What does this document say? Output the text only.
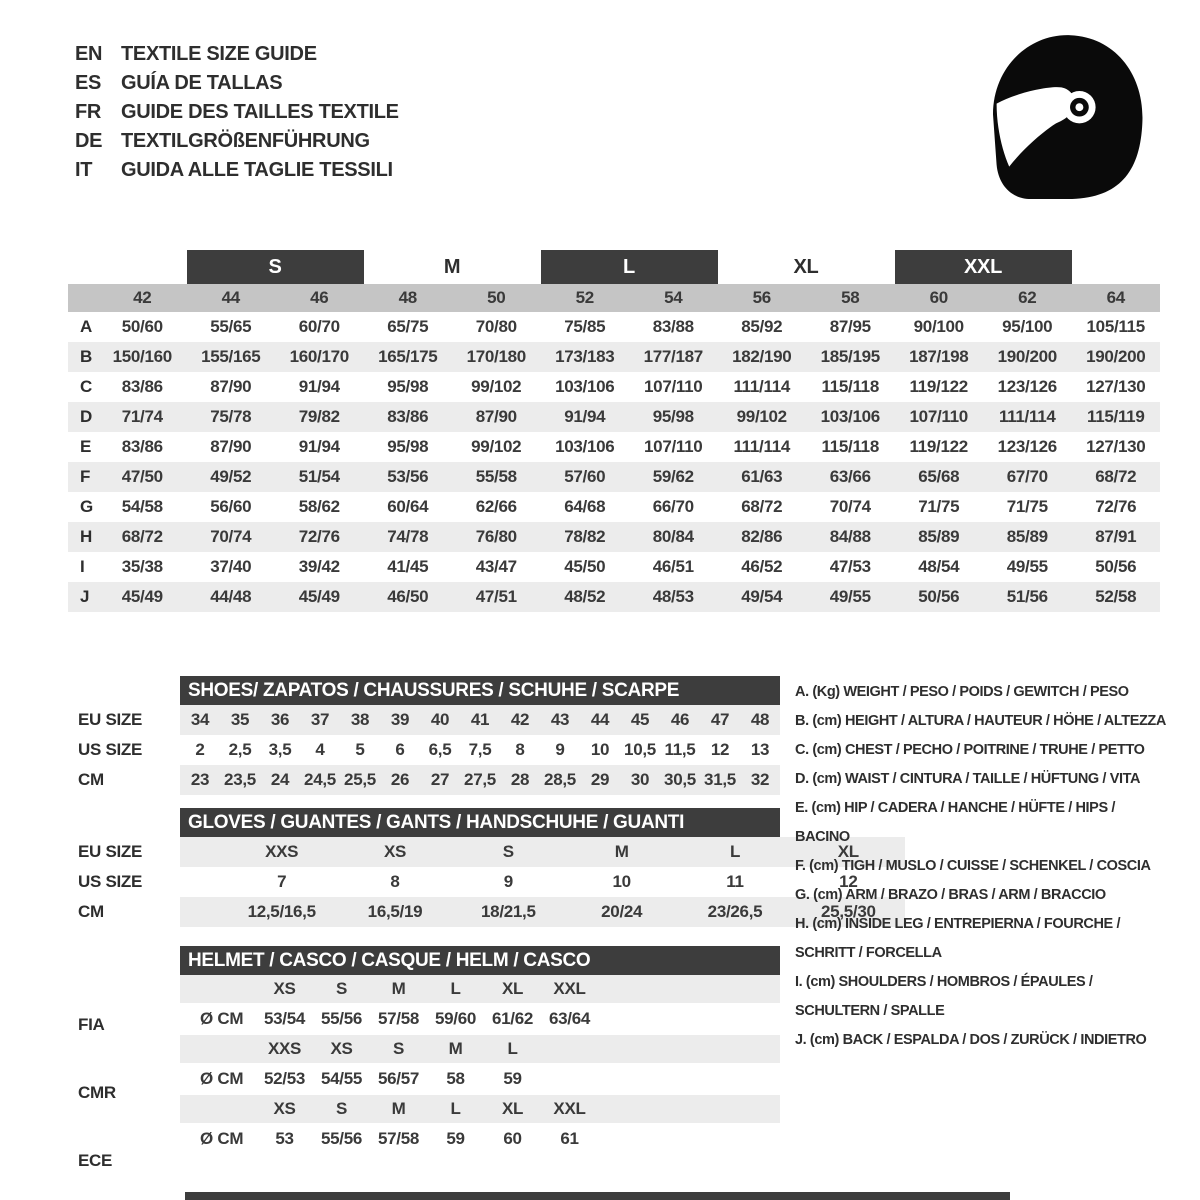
EN TEXTILE SIZE GUIDE
ES GUÍA DE TALLAS
FR GUIDE DES TAILLES TEXTILE
DE TEXTILGRÖßENFÜHRUNG
IT	GUIDA ALLE TAGLIE TESSILI
S	M	L	XL	XXL
42	44	46	48	50	52	54	56	58	60	62	64
A	50/60	55/65	60/70	65/75	70/80	75/85	83/88	85/92	87/95	90/100	95/100	105/115
B	150/160	155/165	160/170	165/175	170/180	173/183	177/187	182/190	185/195	187/198	190/200	190/200
C	83/86	87/90	91/94	95/98	99/102	103/106	107/110	111/114	115/118	119/122	123/126	127/130
D	71/74	75/78	79/82	83/86	87/90	91/94	95/98	99/102	103/106	107/110	111/114	115/119
E	83/86	87/90	91/94	95/98	99/102	103/106	107/110	111/114	115/118	119/122	123/126	127/130
F	47/50	49/52	51/54	53/56	55/58	57/60	59/62	61/63	63/66	65/68	67/70	68/72
G	54/58	56/60	58/62	60/64	62/66	64/68	66/70	68/72	70/74	71/75	71/75	72/76
H	68/72	70/74	72/76	74/78	76/80	78/82	80/84	82/86	84/88	85/89	85/89	87/91
I	35/38	37/40	39/42	41/45	43/47	45/50	46/51	46/52	47/53	48/54	49/55	50/56
J	45/49	44/48	45/49	46/50	47/51	48/52	48/53	49/54	49/55	50/56	51/56	52/58
SHOES/ ZAPATOS / CHAUSSURES / SCHUHE / SCARPE
EU SIZE
US SIZE
CM
34	35	36	37	38	39	40	41	42	43	44	45	46	47	48
2	2,5	3,5	4	5	6	6,5	7,5	8	9	10 10,5 11,5 12	13
23 23,5 24 24,5 25,5 26	27 27,5 28 28,5 29	30 30,5 31,5 32
GLOVES / GUANTES / GANTS / HANDSCHUHE / GUANTI
EU SIZE
US SIZE
CM
XXS	XS	S	M	L	XL
7	8	9	10	11	12
12,5/16,5	16,5/19	18/21,5	20/24	23/26,5	25,5/30
HELMET / CASCO / CASQUE / HELM / CASCO
FIA
CMR
ECE
XS	S	M	L	XL	XXL
Ø CM	53/54 55/56 57/58 59/60 61/62 63/64
XXS	XS	S	M	L
Ø CM	52/53 54/55 56/57	58	59
XS	S	M	L	XL	XXL
Ø CM	53	55/56 57/58	59	60	61
A. (Kg) WEIGHT / PESO / POIDS / GEWITCH / PESO
B. (cm) HEIGHT / ALTURA / HAUTEUR / HÖHE / ALTEZZA
C. (cm) CHEST / PECHO / POITRINE / TRUHE / PETTO
D. (cm) WAIST / CINTURA / TAILLE / HÜFTUNG / VITA
E. (cm) HIP / CADERA / HANCHE / HÜFTE / HIPS / BACINO
F. (cm) TIGH / MUSLO / CUISSE / SCHENKEL / COSCIA
G. (cm) ARM / BRAZO / BRAS / ARM / BRACCIO
H. (cm) INSIDE LEG / ENTREPIERNA / FOURCHE / SCHRITT / FORCELLA
I. (cm) SHOULDERS / HOMBROS / ÉPAULES / SCHULTERN / SPALLE
J. (cm) BACK / ESPALDA / DOS / ZURÜCK / INDIETRO
